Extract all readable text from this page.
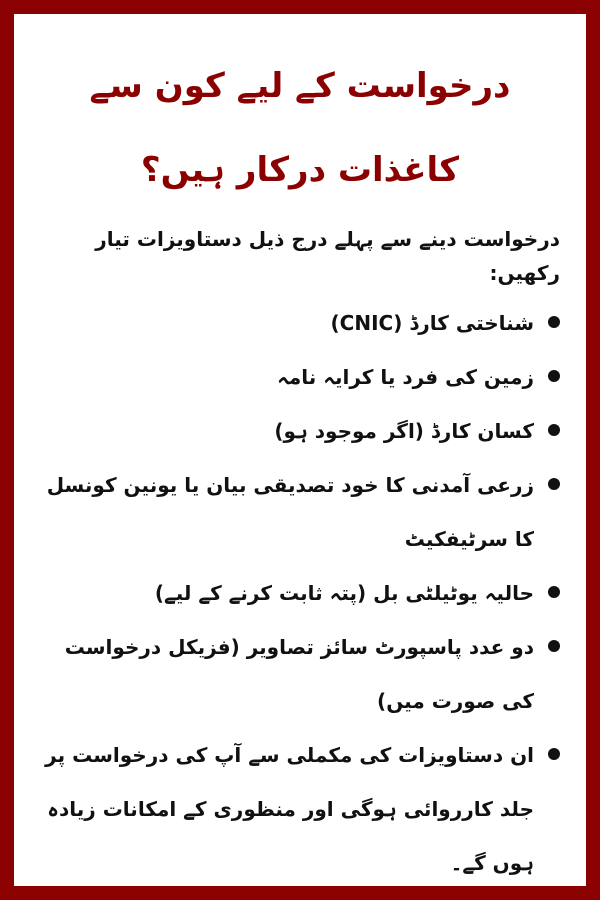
درخواست کے لیے کون سے کاغذات درکار ہیں؟

درخواست دینے سے پہلے درج ذیل دستاویزات تیار رکھیں:

شناختی کارڈ (CNIC)
زمین کی فرد یا کرایہ نامہ
کسان کارڈ (اگر موجود ہو)
زرعی آمدنی کا خود تصدیقی بیان یا یونین کونسل کا سرٹیفکیٹ
حالیہ یوٹیلٹی بل (پتہ ثابت کرنے کے لیے)
دو عدد پاسپورٹ سائز تصاویر (فزیکل درخواست کی صورت میں)
ان دستاویزات کی مکملی سے آپ کی درخواست پر جلد کارروائی ہوگی اور منظوری کے امکانات زیادہ ہوں گے۔
